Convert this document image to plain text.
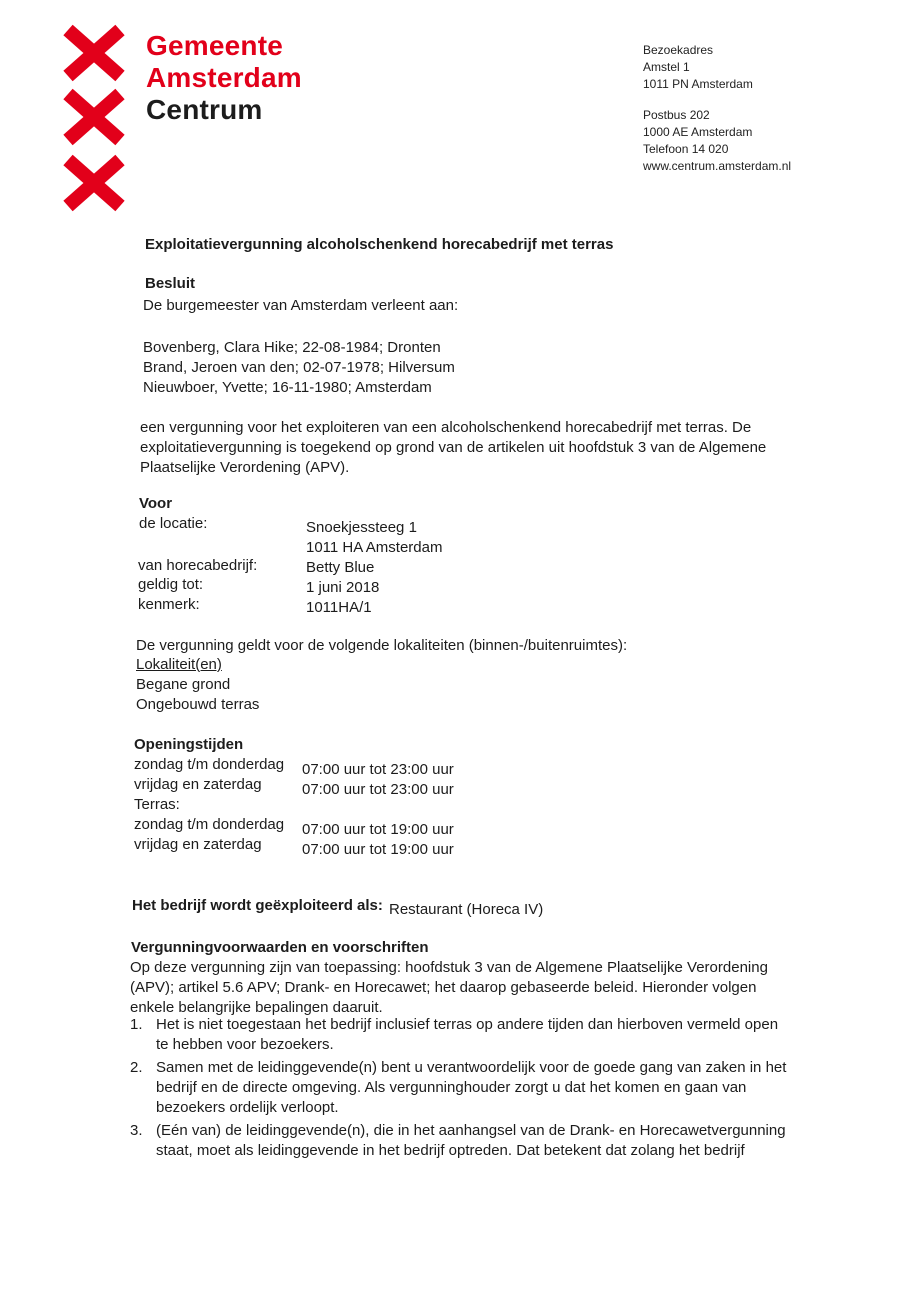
Gemeente
Amsterdam
Centrum

Bezoekadres

Amstel 1

1011 PN Amsterdam

Postbus 202

1000 AE Amsterdam

Telefoon 14 020

www.centrum.amsterdam.nl

Exploitatievergunning alcoholschenkend horecabedrijf met terras
Besluit
De burgemeester van Amsterdam verleent aan:
Bovenberg, Clara Hike; 22-08-1984; Dronten
Brand, Jeroen van den; 02-07-1978; Hilversum
Nieuwboer, Yvette; 16-11-1980; Amsterdam
een vergunning voor het exploiteren van een alcoholschenkend horecabedrijf met terras. De exploitatievergunning is toegekend op grond van de artikelen uit hoofdstuk 3 van de Algemene Plaatselijke Verordening (APV).
Voor
de locatie:	Snoekjessteeg 1
1011 HA Amsterdam
van horecabedrijf:	Betty Blue
geldig tot:	1 juni 2018
kenmerk:	1011HA/1
De vergunning geldt voor de volgende lokaliteiten (binnen-/buitenruimtes):
Lokaliteit(en)
Begane grond
Ongebouwd terras
Openingstijden
zondag t/m donderdag 07:00 uur tot 23:00 uur
vrijdag en zaterdag	07:00 uur tot 23:00 uur
Terras:
zondag t/m donderdag 07:00 uur tot 19:00 uur
vrijdag en zaterdag	07:00 uur tot 19:00 uur
Het bedrijf wordt geëxploiteerd als: Restaurant (Horeca IV)
Vergunningvoorwaarden en voorschriften
Op deze vergunning zijn van toepassing: hoofdstuk 3 van de Algemene Plaatselijke Verordening (APV); artikel 5.6 APV; Drank- en Horecawet; het daarop gebaseerde beleid. Hieronder volgen enkele belangrijke bepalingen daaruit.
1. Het is niet toegestaan het bedrijf inclusief terras op andere tijden dan hierboven vermeld open te hebben voor bezoekers.
2. Samen met de leidinggevende(n) bent u verantwoordelijk voor de goede gang van zaken in het bedrijf en de directe omgeving. Als vergunninghouder zorgt u dat het komen en gaan van bezoekers ordelijk verloopt.
3. (Eén van) de leidinggevende(n), die in het aanhangsel van de Drank- en Horecawetvergunning staat, moet als leidinggevende in het bedrijf optreden. Dat betekent dat zolang het bedrijf
